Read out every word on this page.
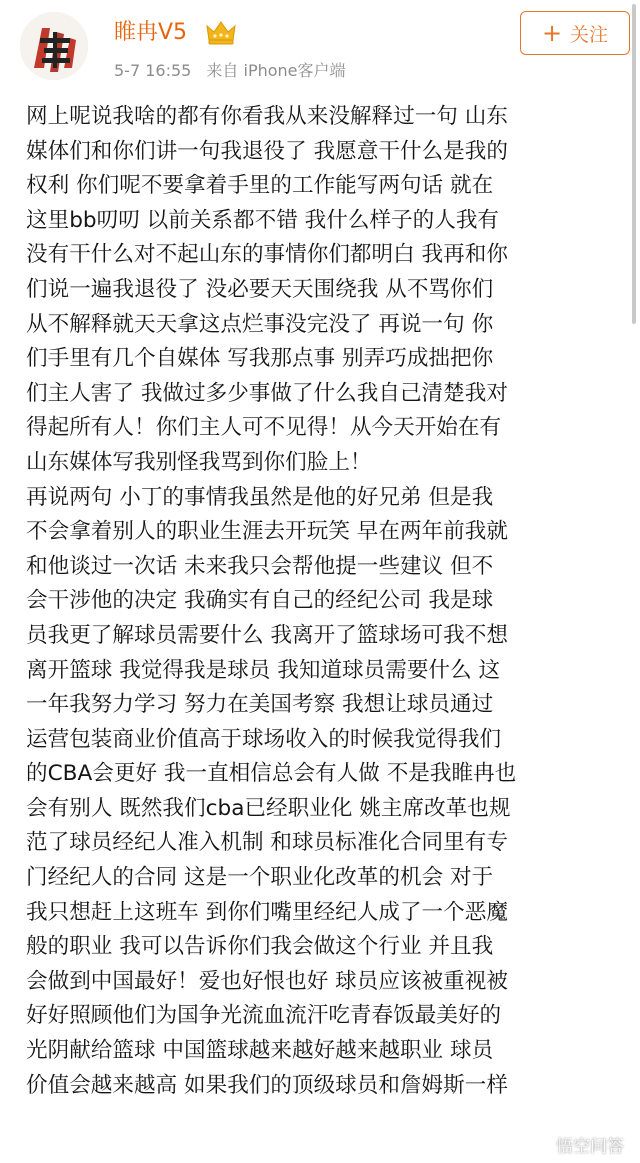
睢冉V5
5-7 16:55 来自 iPhone客户端
+ 关注
网上呢说我啥的都有你看我从来没解释过一句 山东
媒体们和你们讲一句我退役了 我愿意干什么是我的
权利 你们呢不要拿着手里的工作能写两句话 就在
这里bb叨叨 以前关系都不错 我什么样子的人我有
没有干什么对不起山东的事情你们都明白 我再和你
们说一遍我退役了 没必要天天围绕我 从不骂你们
从不解释就天天拿这点烂事没完没了 再说一句 你
们手里有几个自媒体 写我那点事 别弄巧成拙把你
们主人害了 我做过多少事做了什么我自己清楚我对
得起所有人！你们主人可不见得！从今天开始在有
山东媒体写我别怪我骂到你们脸上！
再说两句 小丁的事情我虽然是他的好兄弟 但是我
不会拿着别人的职业生涯去开玩笑 早在两年前我就
和他谈过一次话 未来我只会帮他提一些建议 但不
会干涉他的决定 我确实有自己的经纪公司 我是球
员我更了解球员需要什么 我离开了篮球场可我不想
离开篮球 我觉得我是球员 我知道球员需要什么 这
一年我努力学习 努力在美国考察 我想让球员通过
运营包装商业价值高于球场收入的时候我觉得我们
的CBA会更好 我一直相信总会有人做 不是我睢冉也
会有别人 既然我们cba已经职业化 姚主席改革也规
范了球员经纪人准入机制 和球员标准化合同里有专
门经纪人的合同 这是一个职业化改革的机会 对于
我只想赶上这班车 到你们嘴里经纪人成了一个恶魔
般的职业 我可以告诉你们我会做这个行业 并且我
会做到中国最好！爱也好恨也好 球员应该被重视被
好好照顾他们为国争光流血流汗吃青春饭最美好的
光阴献给篮球 中国篮球越来越好越来越职业 球员
价值会越来越高 如果我们的顶级球员和詹姆斯一样
悟空问答
